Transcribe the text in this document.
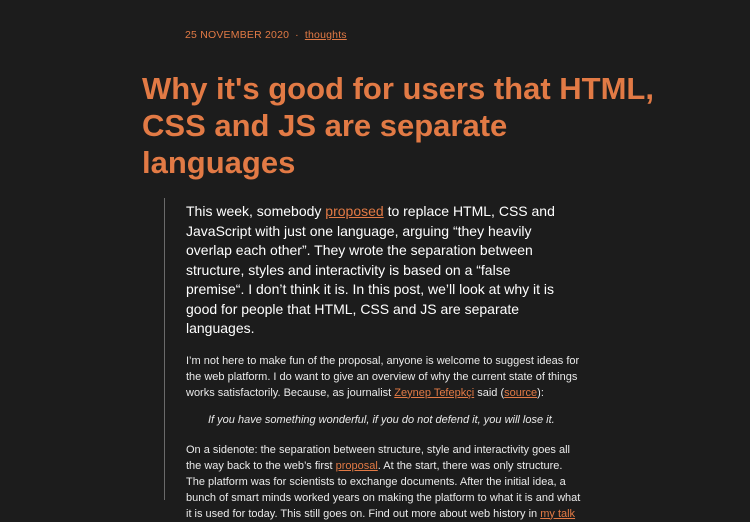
25 NOVEMBER 2020 · thoughts
Why it's good for users that HTML, CSS and JS are separate languages

This week, somebody proposed to replace HTML, CSS and JavaScript with just one language, arguing “they heavily overlap each other”. They wrote the separation between structure, styles and interactivity is based on a “false premise“. I don’t think it is. In this post, we’ll look at why it is good for people that HTML, CSS and JS are separate languages.

I’m not here to make fun of the proposal, anyone is welcome to suggest ideas for the web platform. I do want to give an overview of why the current state of things works satisfactorily. Because, as journalist Zeynep Tefepkçi said (source):

If you have something wonderful, if you do not defend it, you will lose it.

On a sidenote: the separation between structure, style and interactivity goes all the way back to the web’s first proposal. At the start, there was only structure. The platform was for scientists to exchange documents. After the initial idea, a bunch of smart minds worked years on making the platform to what it is and what it is used for today. This still goes on. Find out more about web history in my talk
